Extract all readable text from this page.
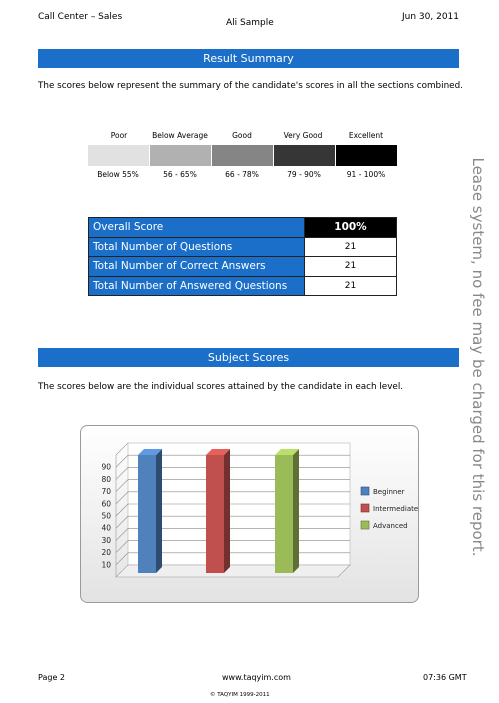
Call Center – Sales
Ali Sample
Jun 30, 2011
Result Summary
The scores below represent the summary of the candidate's scores in all the sections combined.
Poor	Below Average	Good	Very Good	Excellent
Below 55%	56 - 65%	66 - 78%	79 - 90%	91 - 100%
Overall Score	100%
Total Number of Questions	21
Total Number of Correct Answers	21
Total Number of Answered Questions	21
Subject Scores
The scores below are the individual scores attained by the candidate in each level.
90
80
70
60
50
40
30
20
10
Beginner
Intermediate
Advanced	Lease system, no fee may be charged for this report.
Page 2	www.taqyim.com	07:36 GMT
© TAQYIM 1999-2011
